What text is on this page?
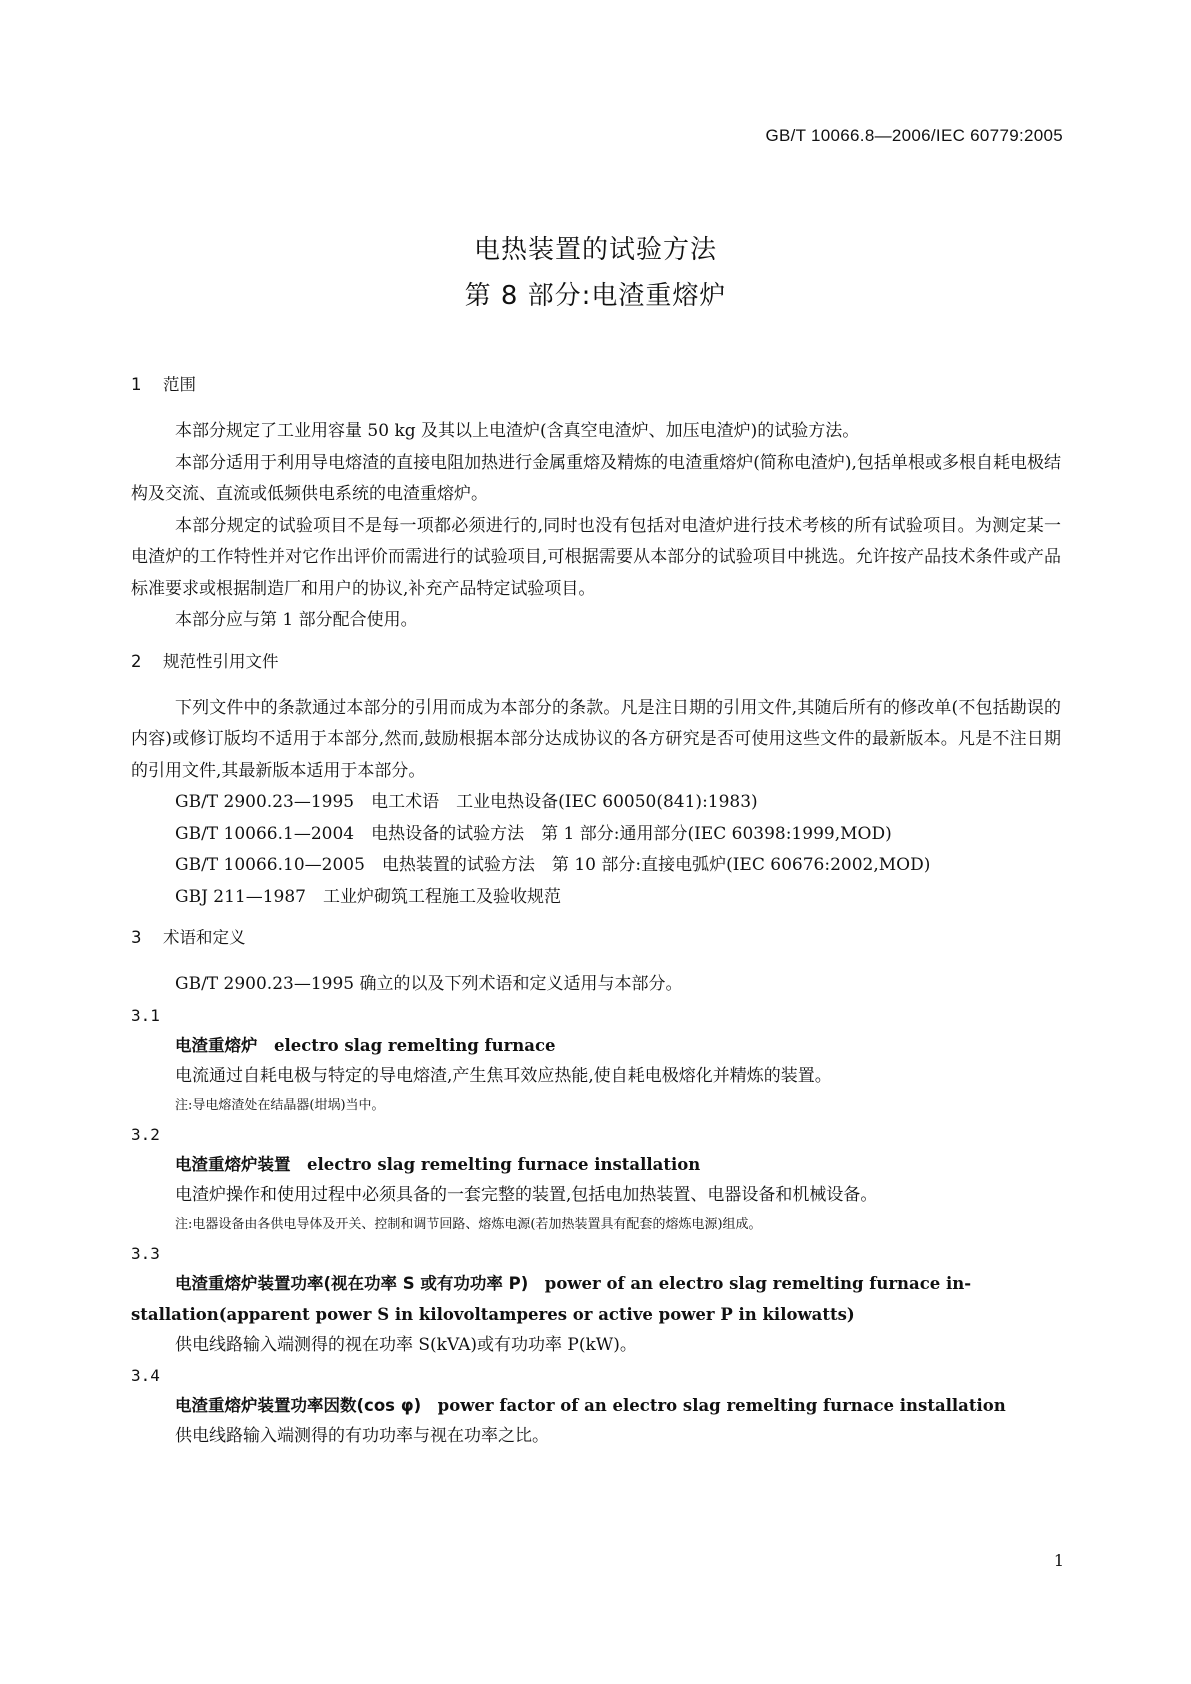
GB/T 10066.8—2006/IEC 60779:2005
电热装置的试验方法
第 8 部分:电渣重熔炉
1 范围
本部分规定了工业用容量 50 kg 及其以上电渣炉(含真空电渣炉、加压电渣炉)的试验方法。
本部分适用于利用导电熔渣的直接电阻加热进行金属重熔及精炼的电渣重熔炉(简称电渣炉),包括单根或多根自耗电极结构及交流、直流或低频供电系统的电渣重熔炉。
本部分规定的试验项目不是每一项都必须进行的,同时也没有包括对电渣炉进行技术考核的所有试验项目。为测定某一电渣炉的工作特性并对它作出评价而需进行的试验项目,可根据需要从本部分的试验项目中挑选。允许按产品技术条件或产品标准要求或根据制造厂和用户的协议,补充产品特定试验项目。
本部分应与第 1 部分配合使用。
2 规范性引用文件
下列文件中的条款通过本部分的引用而成为本部分的条款。凡是注日期的引用文件,其随后所有的修改单(不包括勘误的内容)或修订版均不适用于本部分,然而,鼓励根据本部分达成协议的各方研究是否可使用这些文件的最新版本。凡是不注日期的引用文件,其最新版本适用于本部分。
GB/T 2900.23—1995　电工术语　工业电热设备(IEC 60050(841):1983)
GB/T 10066.1—2004　电热设备的试验方法　第 1 部分:通用部分(IEC 60398:1999,MOD)
GB/T 10066.10—2005　电热装置的试验方法　第 10 部分:直接电弧炉(IEC 60676:2002,MOD)
GBJ 211—1987　工业炉砌筑工程施工及验收规范
3 术语和定义
GB/T 2900.23—1995 确立的以及下列术语和定义适用与本部分。
3.1
电渣重熔炉　 electro slag remelting furnace
电流通过自耗电极与特定的导电熔渣,产生焦耳效应热能,使自耗电极熔化并精炼的装置。
注:导电熔渣处在结晶器(坩埚)当中。
3.2
电渣重熔炉装置　 electro slag remelting furnace installation
电渣炉操作和使用过程中必须具备的一套完整的装置,包括电加热装置、电器设备和机械设备。
注:电器设备由各供电导体及开关、控制和调节回路、熔炼电源(若加热装置具有配套的熔炼电源)组成。
3.3
电渣重熔炉装置功率(视在功率 S 或有功功率 P)　 power of an electro slag remelting furnace in-
stallation(apparent power S in kilovoltamperes or active power P in kilowatts)
供电线路输入端测得的视在功率 S(kVA)或有功功率 P(kW)。
3.4
电渣重熔炉装置功率因数(cos φ)　 power factor of an electro slag remelting furnace installation
供电线路输入端测得的有功功率与视在功率之比。
1
